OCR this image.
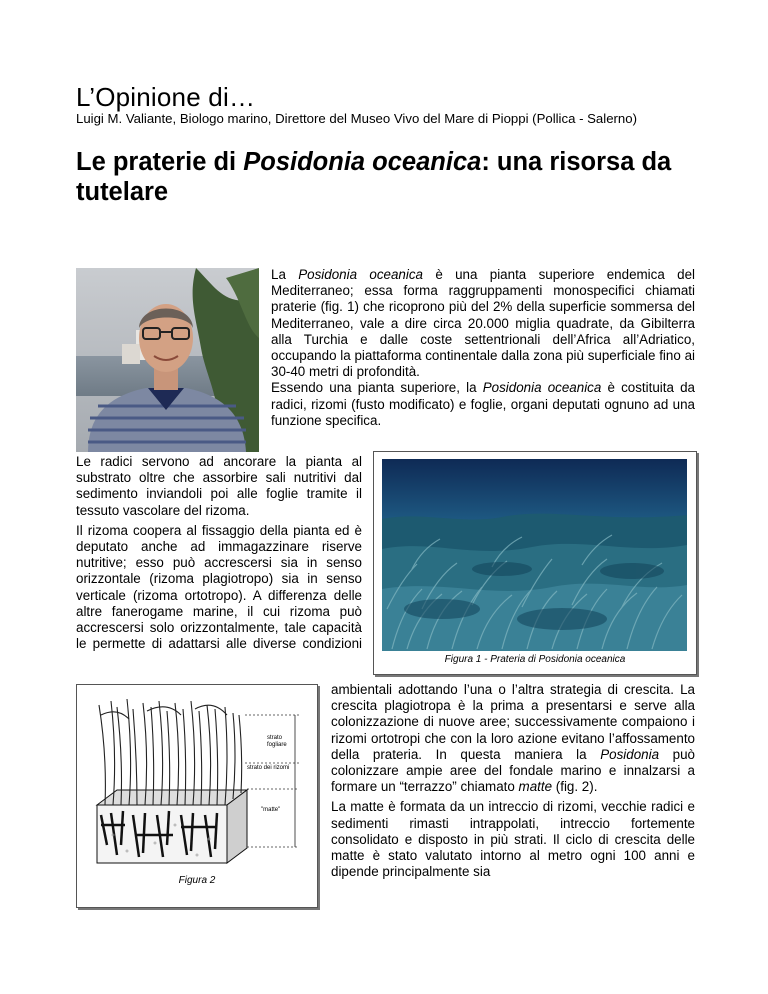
L’Opinione di…
Luigi M. Valiante, Biologo marino, Direttore del Museo Vivo del Mare di Pioppi (Pollica - Salerno)
Le praterie di Posidonia oceanica: una risorsa da tutelare

La Posidonia oceanica è una pianta superiore endemica del Mediterraneo; essa forma raggruppamenti monospecifici chiamati praterie (fig. 1) che ricoprono più del 2% della superficie sommersa del Mediterraneo, vale a dire circa 20.000 miglia quadrate, da Gibilterra alla Turchia e dalle coste settentrionali dell’Africa all’Adriatico, occupando la piattaforma continentale dalla zona più superficiale fino ai 30-40 metri di profondità.

Essendo una pianta superiore, la Posidonia oceanica è costituita da radici, rizomi (fusto modificato) e foglie, organi deputati ognuno ad una funzione specifica.

Le radici servono ad ancorare la pianta al substrato oltre che assorbire sali nutritivi dal sedimento inviandoli poi alle foglie tramite il tessuto vascolare del rizoma.

Il rizoma coopera al fissaggio della pianta ed è deputato anche ad immagazzinare riserve nutritive; esso può accrescersi sia in senso orizzontale (rizoma plagiotropo) sia in senso verticale (rizoma ortotropo). A differenza delle altre fanerogame marine, il cui rizoma può accrescersi solo orizzontalmente, tale capacità le permette di adattarsi alle diverse condizioni

Figura 1 - Prateria di Posidonia oceanica
strato fogliare
strato dei rizomi
"matte"
Figura 2

ambientali adottando l’una o l’altra strategia di crescita. La crescita plagiotropa è la prima a presentarsi e serve alla colonizzazione di nuove aree; successivamente compaiono i rizomi ortotropi che con la loro azione evitano l’affossamento della prateria. In questa maniera la Posidonia può colonizzare ampie aree del fondale marino e innalzarsi a formare un “terrazzo” chiamato matte (fig. 2).

La matte è formata da un intreccio di rizomi, vecchie radici e sedimenti rimasti intrappolati, intreccio fortemente consolidato e disposto in più strati. Il ciclo di crescita delle matte è stato valutato intorno al metro ogni 100 anni e dipende principalmente sia
